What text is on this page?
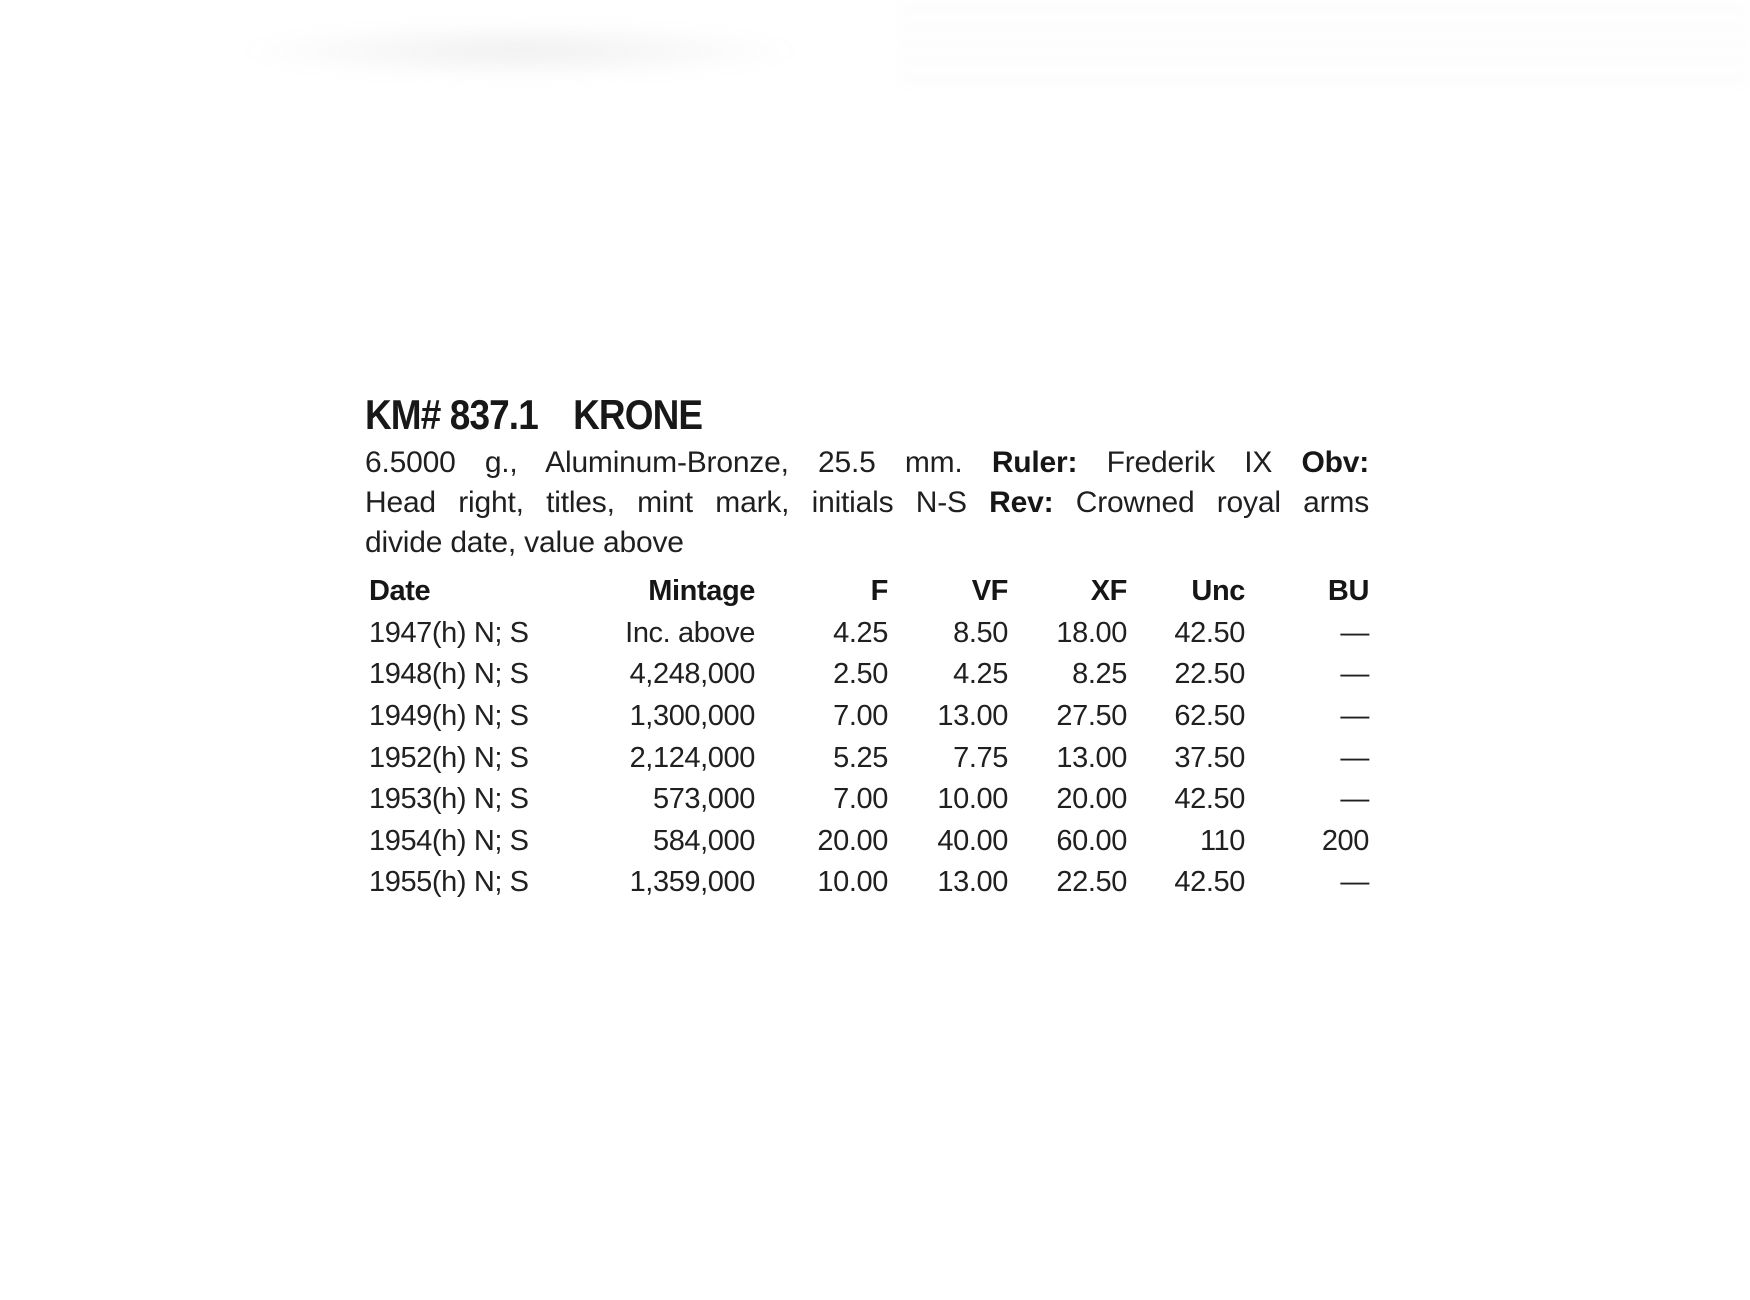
KM# 837.1 KRONE
6.5000 g., Aluminum-Bronze, 25.5 mm. Ruler: Frederik IX Obv:
Head right, titles, mint mark, initials N-S Rev: Crowned royal arms
divide date, value above
Date	Mintage	F	VF	XF	Unc	BU
1947(h) N; S	Inc. above	4.25	8.50	18.00	42.50	—
1948(h) N; S	4,248,000	2.50	4.25	8.25	22.50	—
1949(h) N; S	1,300,000	7.00	13.00	27.50	62.50	—
1952(h) N; S	2,124,000	5.25	7.75	13.00	37.50	—
1953(h) N; S	573,000	7.00	10.00	20.00	42.50	—
1954(h) N; S	584,000	20.00	40.00	60.00	110	200
1955(h) N; S	1,359,000	10.00	13.00	22.50	42.50	—
